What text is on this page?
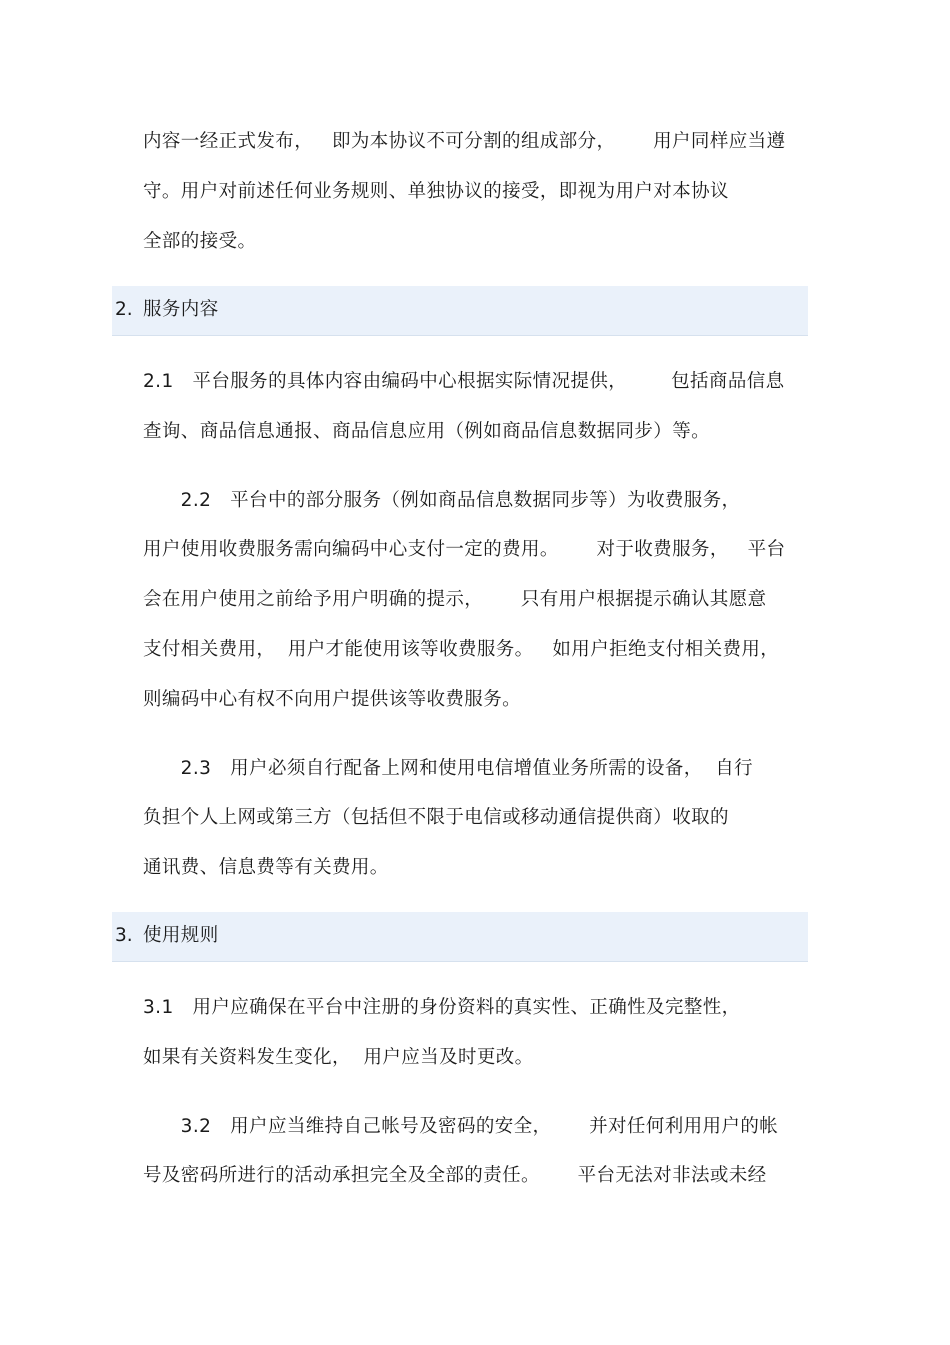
内容一经正式发布，   即为本协议不可分割的组成部分，      用户同样应当遵
守。用户对前述任何业务规则、单独协议的接受，即视为用户对本协议
全部的接受。
2. 服务内容
2.1   平台服务的具体内容由编码中心根据实际情况提供，       包括商品信息
查询、商品信息通报、商品信息应用（例如商品信息数据同步）等。
2.2   平台中的部分服务（例如商品信息数据同步等）为收费服务，
用户使用收费服务需向编码中心支付一定的费用。      对于收费服务，   平台
会在用户使用之前给予用户明确的提示，      只有用户根据提示确认其愿意
支付相关费用，  用户才能使用该等收费服务。   如用户拒绝支付相关费用，
则编码中心有权不向用户提供该等收费服务。
2.3   用户必须自行配备上网和使用电信增值业务所需的设备，  自行
负担个人上网或第三方（包括但不限于电信或移动通信提供商）收取的
通讯费、信息费等有关费用。
3. 使用规则
3.1   用户应确保在平台中注册的身份资料的真实性、正确性及完整性，
如果有关资料发生变化，  用户应当及时更改。
3.2   用户应当维持自己帐号及密码的安全，      并对任何利用用户的帐
号及密码所进行的活动承担完全及全部的责任。      平台无法对非法或未经
